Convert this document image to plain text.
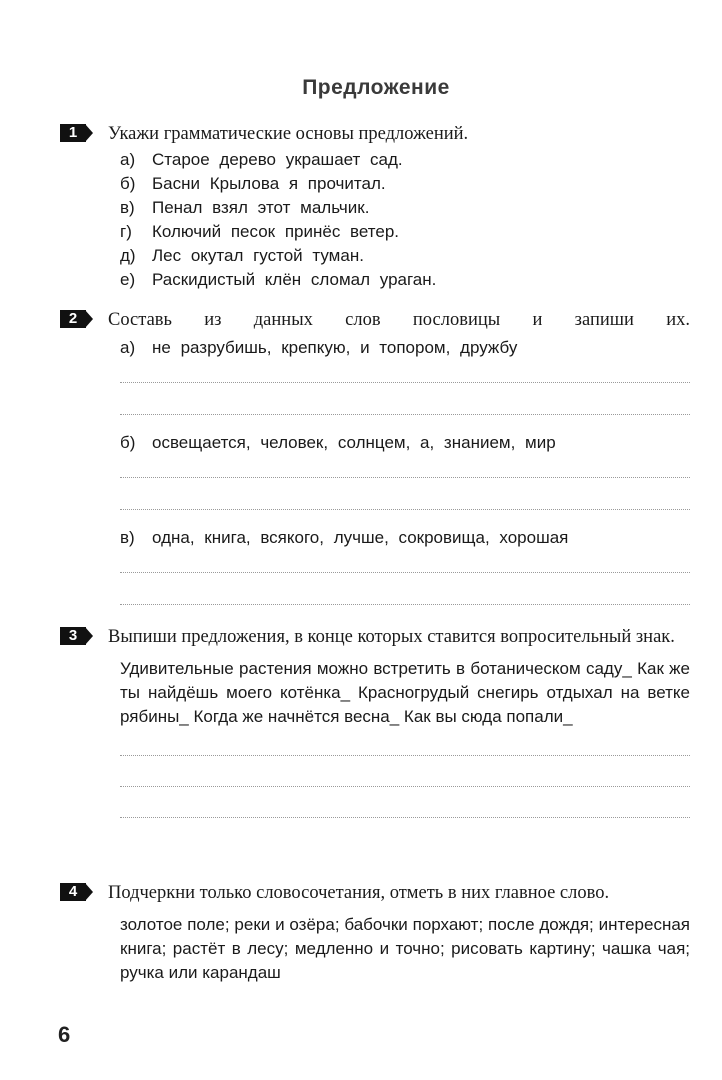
Предложение
1	Укажи грамматические основы предложений.
а) Старое дерево украшает сад.
б) Басни Крылова я прочитал.
в) Пенал взял этот мальчик.
г) Колючий песок принёс ветер.
д) Лес окутал густой туман.
е) Раскидистый клён сломал ураган.
2	Составь из данных слов пословицы и запиши их.
а) не разрубишь, крепкую, и топором, дружбу
б) освещается, человек, солнцем, а, знанием, мир
в) одна, книга, всякого, лучше, сокровища, хорошая
3	Выпиши предложения, в конце которых ставится вопросительный знак.
Удивительные растения можно встретить в ботаническом саду_ Как же ты найдёшь моего котёнка_ Красногрудый снегирь отдыхал на ветке рябины_ Когда же начнётся весна_ Как вы сюда попали_
4	Подчеркни только словосочетания, отметь в них главное слово.
золотое поле; реки и озёра; бабочки порхают; после дождя; интересная книга; растёт в лесу; медленно и точно; рисовать картину; чашка чая; ручка или карандаш
6
